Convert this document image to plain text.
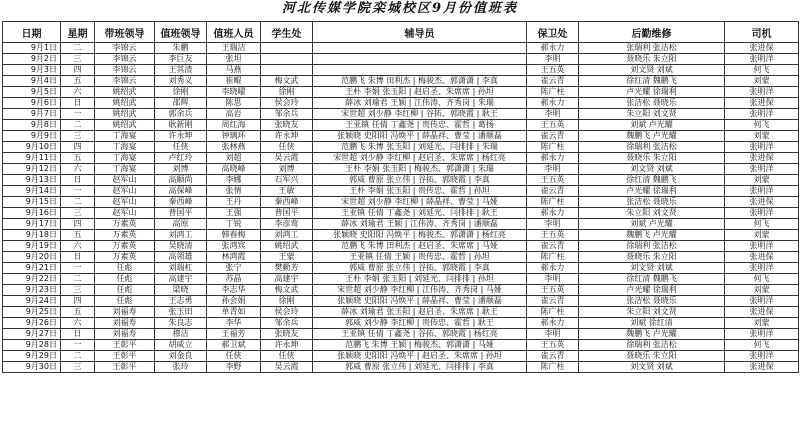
河北传媒学院栾城校区9月份值班表
日期	星期	带班领导	值班领导	值班人员	学生处	辅导员	保卫处	后勤维修	司机
9月1日	二	李锦云	朱鹏	王瑞洁			郝永力	张瑞利 张洁松	张进保
9月2日	三	李锦云	李巨友	张坦			李明	聂晓乐 朱立阳	张明洋
9月3日	四	李锦云	王其渣	马燕			王五英	刘文贤 刘斌	何飞
9月4日	五	李锦云	刘秀义	崔鲲	梅文武	范鹏飞 朱博 田利杰 | 梅骏杰、郭潇潇 | 李真	雀云青	徐红清 魏鹏飞	刘蒙
9月5日	六	姚绍武	徐刚	李晓曜	徐刚	王朴 李娟 张玉阳 | 赵启圣、朱席席 | 孙坦	陈广柱	卢光耀 徐瑞利	张明洋
9月6日	日	姚绍武	邵辉	陈思	侯会玲	薛冰 刘瑜君 王颖 | 江伟涛、齐秀岗 | 朱瑞	郝永力	张洁松 聂晓乐	张进保
9月7日	一	姚绍武	郭余兵	高岩	邹余兵	宋世超 刘少静 李红柳 | 谷拓、郭晓霞 | 耿王	李明	朱立阳 刘文贤	张明洋
9月8日	二	姚绍武	耿新刚	周红海	张晓友	王亚镇 任倩 丁鑫尧 | 贵传忠、霍哲 | 葛扬	王五英	刘斌 卢光耀	何飞
9月9日	三	丁海宴	许永坤	钟璃环	许永坤	张颖晓 史阳阳 冯焕平 | 薛晶祥、曹莹 | 潘顺磊	雀云青	魏鹏飞 卢光耀	刘蒙
9月10日	四	丁海宴	任侠	张林燕	任侠	范鹏飞 朱博 张玉阳 | 刘延光、闫排排 | 朱瑞	陈广柱	徐瑞利 张洁松	张明洋
9月11日	五	丁海宴	卢红玲	刘超	吴云霞	宋世超 刘少静 李红柳 | 赵启圣、朱席席 | 杨红亮	郝永力	聂晓乐 朱立阳	张进保
9月12日	六	丁海宴	刘博	高晓峰	刘博	王朴 李娟 张玉阳 | 梅骏杰、郭潇潇 | 朱瑞	李明	刘文贤 刘斌	张明洋
9月13日	日	赵军山	高顺尚	李娜	石军兴	郭威 曹原 张立伟 | 谷拓、郭晓霞 | 李真	王五英	徐红清 魏鹏飞	刘蒙
9月14日	一	赵军山	高保峰	张情	王敏	王朴 李娟 张玉阳 | 贵传忠、霍哲 | 孙坦	雀云青	卢光耀 徐瑞利	张明洋
9月15日	二	赵军山	秦西峰	王丹	秦西峰	宋世超 刘少静 李红柳 | 薛晶祥、曹莹 | 马娅	陈广柱	张洁松 聂晓乐	张进保
9月16日	三	赵军山	普国平	王强	普国平	王亚镇 任倩 丁鑫尧 | 刘延光、闫排排 | 耿王	郝永力	朱立阳 刘文贤	张明洋
9月17日	四	万素英	高原	丁锐	李彦莺	薛冰 刘瑜君 王颖 | 江伟涛、齐秀岗 | 潘顺磊	李明	刘斌 卢光耀	何飞
9月18日	五	万素英	刘鸿工	韩春梅	刘鸿工	张颖晓 史阳阳 冯焕平 | 梅骏杰、郭潇潇 | 杨红亮	王五英	魏鹏飞 卢光耀	刘蒙
9月19日	六	万素英	吴晓清	张鸿宾	姚绍武	范鹏飞 朱博 田利杰 | 赵启圣、朱席席 | 马娅	雀云青	徐瑞利 张洁松	张明洋
9月20日	日	万素英	高领雄	林鸿霞	王蒙	王亚镇 任倩 王颖 | 贵传忠、霍哲 | 孙坦	陈广柱	聂晓乐 朱立阳	张进保
9月21日	一	任彪	刘瑞杠	张宁	樊勤芳	郭威 曹原 张立伟 | 谷拓、郭晓霞 | 李真	郝永力	刘文贤 刘斌	张明洋
9月22日	二	任彪	高建宇	苏晶	高建宇	王朴 李娟 张玉阳 | 刘延光、闫排排 | 孙坦	李明	徐红清 魏鹏飞	何飞
9月23日	三	任彪	梁晓	李志华	梅文武	宋世超 刘少静 李红柳 | 江伟涛、齐秀岗 | 马娅	王五英	卢光耀 徐瑞利	刘蒙
9月24日	四	任彪	王志勇	孙会娟	徐刚	张颖晓 史阳阳 冯焕平 | 薛晶祥、曹莹 | 潘顺磊	雀云青	张洁松 聂晓乐	张明洋
9月25日	五	刘福寿	张玉田	单青如	侯会玲	薛冰 刘瑜君 张玉阳 | 赵启圣、朱席席 | 耿王	陈广柱	朱立阳 刘文贤	张进保
9月26日	六	刘福寿	朱良志	李华	邹余兵	郭威 刘少静 李红柳 | 贵传忠、霍哲 | 耿王	郝永力	刘斌 徐红清	刘蒙
9月27日	日	刘福寿	穆洁	王福芳	张晓友	王亚镇 任倩 丁鑫尧 | 谷拓、郭晓霞 | 杨红亮	李明	魏鹏飞 卢光耀	张明洋
9月28日	一	王彰平	胡威立	郝卫斌	许永坤	范鹏飞 朱博 王颖 | 梅骏杰、郭潇潇 | 马娅	王五英	徐瑞利 张洁松	何飞
9月29日	二	王彰平	刘金良	任侠	任侠	张颖晓 史阳阳 冯焕平 | 赵启圣、朱席席 | 孙坦	雀云青	聂晓乐 朱立阳	张明洋
9月30日	三	王彰平	张玲	李野	吴云霞	郭威 曹原 张立伟 | 刘延光、闫排排 | 李真	陈广柱	刘文贤 刘斌	张进保
